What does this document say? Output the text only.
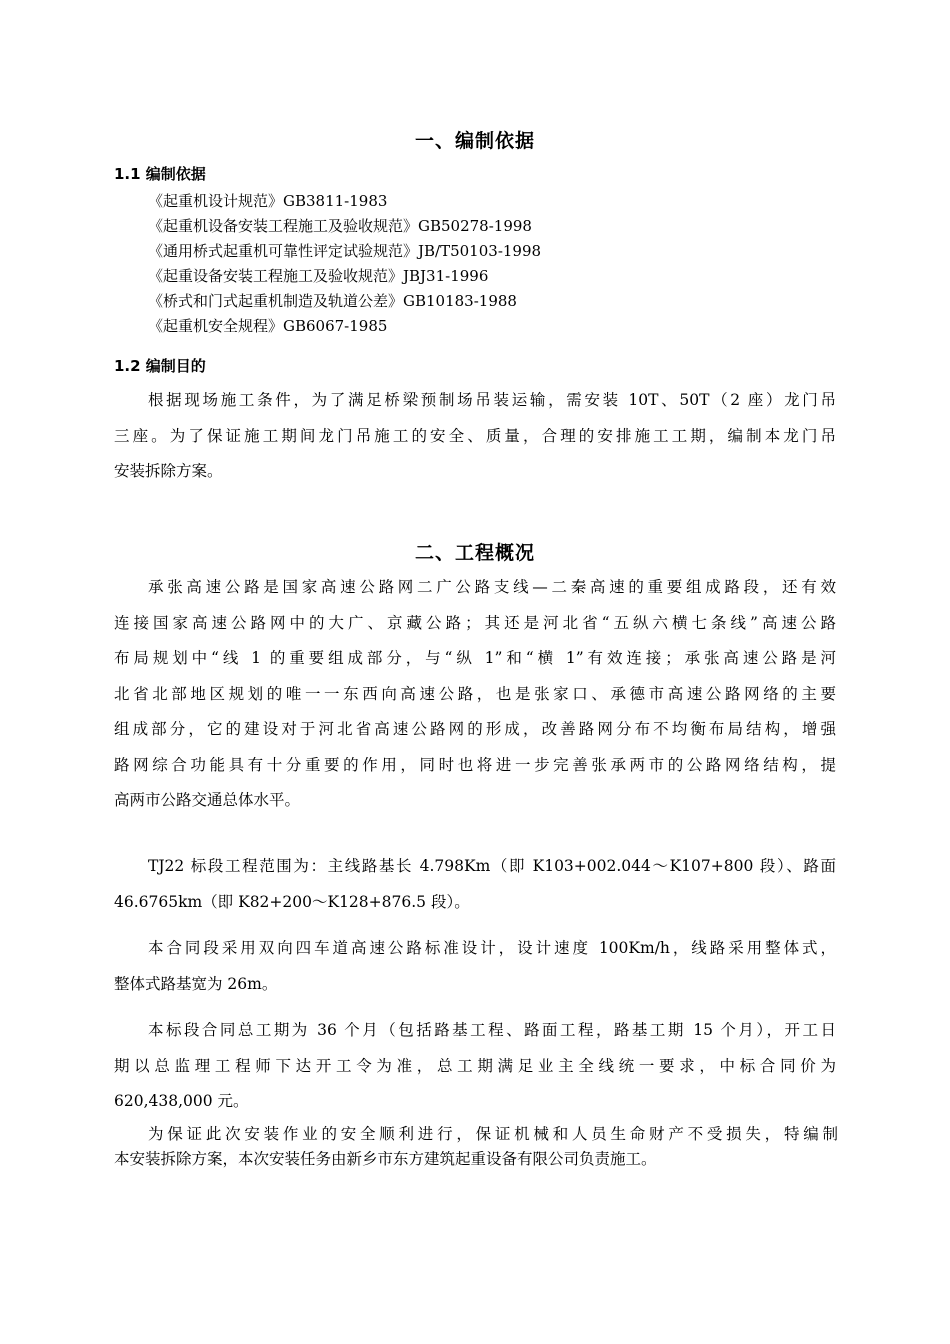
一、编制依据
1.1 编制依据
《起重机设计规范》GB3811-1983
《起重机设备安装工程施工及验收规范》GB50278-1998
《通用桥式起重机可靠性评定试验规范》JB/T50103-1998
《起重设备安装工程施工及验收规范》JBJ31-1996
《桥式和门式起重机制造及轨道公差》GB10183-1988
《起重机安全规程》GB6067-1985
1.2 编制目的
根据现场施工条件，为了满足桥梁预制场吊装运输，需安装 10T、50T（2 座）龙门吊
三座。为了保证施工期间龙门吊施工的安全、质量，合理的安排施工工期，编制本龙门吊
安装拆除方案。
二、工程概况
承张高速公路是国家高速公路网二广公路支线—二秦高速的重要组成路段，还有效
连接国家高速公路网中的大广、京藏公路；其还是河北省“五纵六横七条线”高速公路
布局规划中“线 1 的重要组成部分，与“纵 1”和“横 1”有效连接；承张高速公路是河
北省北部地区规划的唯一一东西向高速公路，也是张家口、承德市高速公路网络的主要
组成部分，它的建设对于河北省高速公路网的形成，改善路网分布不均衡布局结构，增强
路网综合功能具有十分重要的作用，同时也将进一步完善张承两市的公路网络结构，提
高两市公路交通总体水平。
TJ22 标段工程范围为：主线路基长 4.798Km（即 K103+002.044～K107+800 段）、路面
46.6765km（即 K82+200～K128+876.5 段）。
本合同段采用双向四车道高速公路标准设计，设计速度 100Km/h，线路采用整体式，
整体式路基宽为 26m。
本标段合同总工期为 36 个月（包括路基工程、路面工程，路基工期 15 个月），开工日
期以总监理工程师下达开工令为准，总工期满足业主全线统一要求，中标合同价为
620,438,000 元。
为保证此次安装作业的安全顺利进行，保证机械和人员生命财产不受损失，特编制
本安装拆除方案，本次安装任务由新乡市东方建筑起重设备有限公司负责施工。
